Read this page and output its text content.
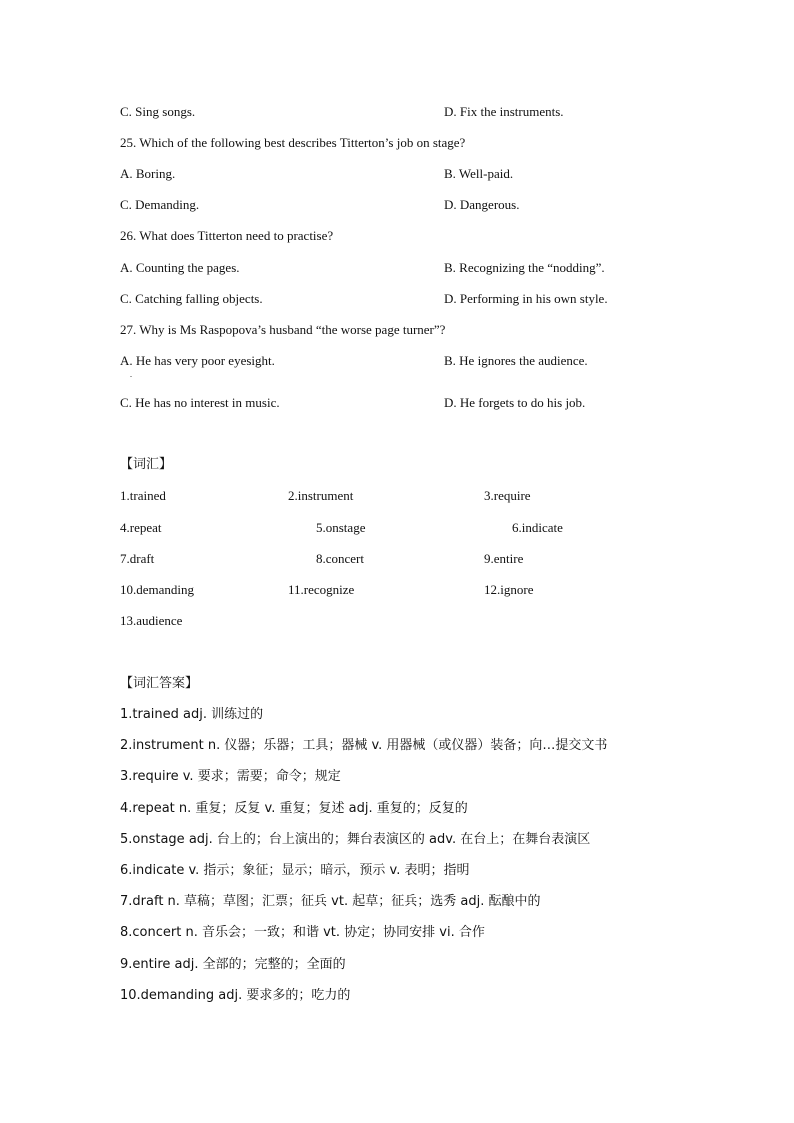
C. Sing songs.	D. Fix the instruments.
25. Which of the following best describes Titterton’s job on stage?
A. Boring.	B. Well-paid.
C. Demanding.	D. Dangerous.
26. What does Titterton need to practise?
A. Counting the pages.	B. Recognizing the “nodding”.
C. Catching falling objects.	D. Performing in his own style.
27. Why is Ms Raspopova’s husband “the worse page turner”?
A. He has very poor eyesight.	B. He ignores the audience.
.
C. He has no interest in music.	D. He forgets to do his job.
【词汇】
1.trained	2.instrument	3.require
4.repeat	5.onstage	6.indicate
7.draft	8.concert	9.entire
10.demanding	11.recognize	12.ignore
13.audience
【词汇答案】
1.trained adj. 训练过的
2.instrument n. 仪器；乐器；工具；器械 v. 用器械（或仪器）装备；向…提交文书
3.require v. 要求；需要；命令；规定
4.repeat n. 重复；反复 v. 重复；复述 adj. 重复的；反复的
5.onstage adj. 台上的；台上演出的；舞台表演区的 adv. 在台上；在舞台表演区
6.indicate v. 指示；象征；显示；暗示，预示 v. 表明；指明
7.draft n. 草稿；草图；汇票；征兵 vt. 起草；征兵；选秀 adj. 酝酿中的
8.concert n. 音乐会；一致；和谐 vt. 协定；协同安排 vi. 合作
9.entire adj. 全部的；完整的；全面的
10.demanding adj. 要求多的；吃力的
